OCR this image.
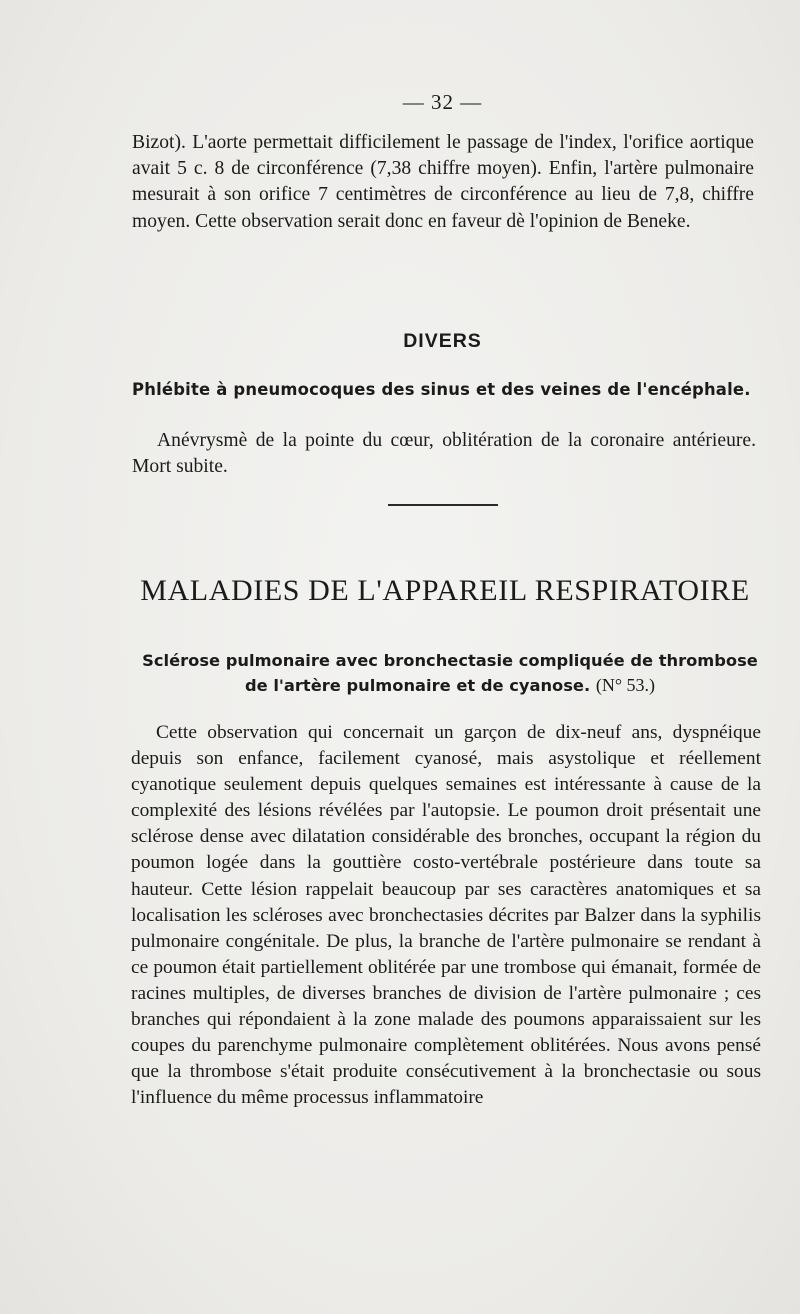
— 32 —

Bizot). L'aorte permettait difficilement le passage de l'index, l'orifice aortique avait 5 c. 8 de circonférence (7,38 chiffre moyen). Enfin, l'artère pulmonaire mesurait à son orifice 7 centimètres de circonférence au lieu de 7,8, chiffre moyen. Cette observation serait donc en faveur dè l'opinion de Beneke.

DIVERS
Phlébite à pneumocoques des sinus et des veines de l'encéphale.

Anévrysmè de la pointe du cœur, oblitération de la coronaire antérieure. Mort subite.

MALADIES DE L'APPAREIL RESPIRATOIRE
Sclérose pulmonaire avec bronchectasie compliquée de thrombose de l'artère pulmonaire et de cyanose. (N° 53.)

Cette observation qui concernait un garçon de dix-neuf ans, dyspnéique depuis son enfance, facilement cyanosé, mais asystolique et réellement cyanotique seulement depuis quelques semaines est intéressante à cause de la complexité des lésions révélées par l'autopsie. Le poumon droit présentait une sclérose dense avec dilatation considérable des bronches, occupant la région du poumon logée dans la gouttière costo-vertébrale postérieure dans toute sa hauteur. Cette lésion rappelait beaucoup par ses caractères anatomiques et sa localisation les scléroses avec bronchectasies décrites par Balzer dans la syphilis pulmonaire congénitale. De plus, la branche de l'artère pulmonaire se rendant à ce poumon était partiellement oblitérée par une trombose qui émanait, formée de racines multiples, de diverses branches de division de l'artère pulmonaire ; ces branches qui répondaient à la zone malade des poumons apparaissaient sur les coupes du parenchyme pulmonaire complètement oblitérées. Nous avons pensé que la thrombose s'était produite consécutivement à la bronchectasie ou sous l'influence du même processus inflammatoire
